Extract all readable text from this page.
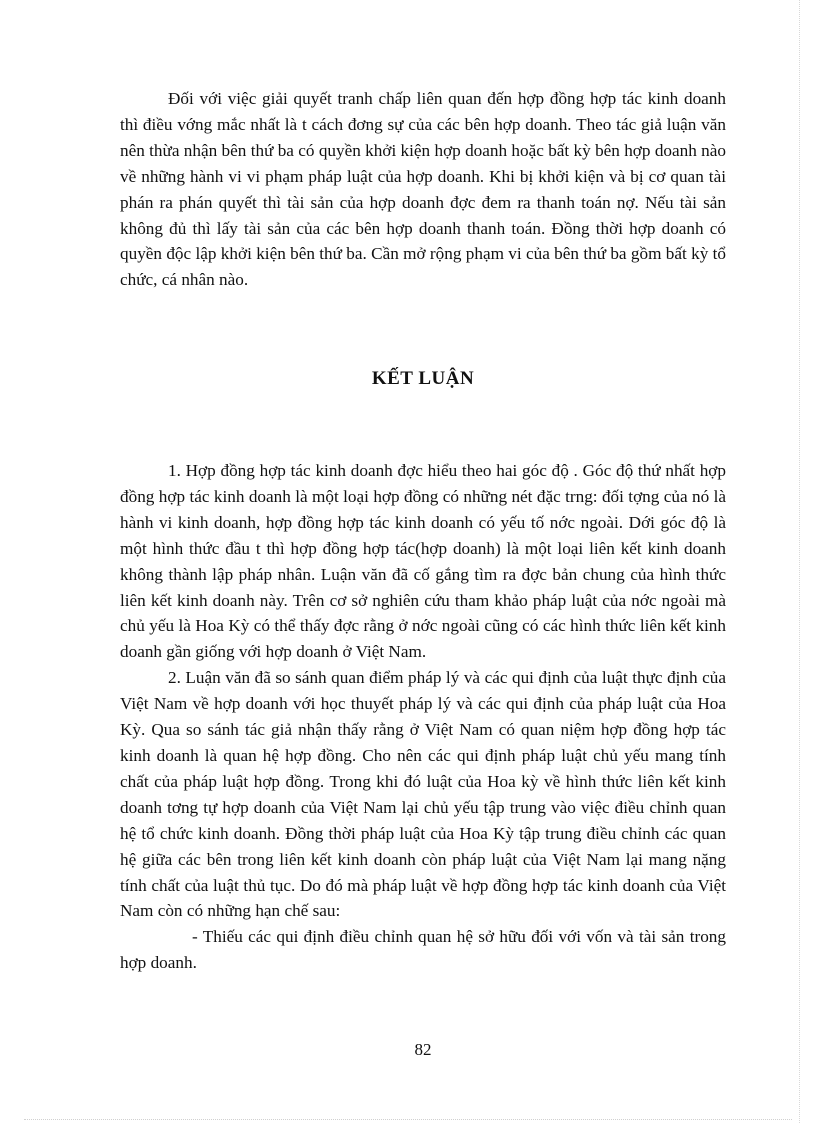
Đối với việc giải quyết tranh chấp liên quan đến hợp đồng hợp tác kinh doanh thì điều vớng mắc nhất là t cách đơng sự của các bên hợp doanh. Theo tác giả luận văn nên thừa nhận bên thứ ba có quyền khởi kiện hợp doanh hoặc bất kỳ bên hợp doanh nào về những hành vi vi phạm pháp luật của hợp doanh. Khi bị khởi kiện và bị cơ quan tài phán ra phán quyết thì tài sản của hợp doanh đợc đem ra thanh toán nợ. Nếu tài sản không đủ thì lấy tài sản của các bên hợp doanh thanh toán. Đồng thời hợp doanh có quyền độc lập khởi kiện bên thứ ba. Cần mở rộng phạm vi của bên thứ ba gồm bất kỳ tổ chức, cá nhân nào.

KẾT LUẬN

1. Hợp đồng hợp tác kinh doanh đợc hiểu theo hai góc độ . Góc độ thứ nhất hợp đồng hợp tác kinh doanh là một loại hợp đồng có những nét đặc trng: đối tợng của nó là hành vi kinh doanh, hợp đồng hợp tác kinh doanh có yếu tố nớc ngoài. Dới góc độ là một hình thức đầu t thì hợp đồng hợp tác(hợp doanh) là một loại liên kết kinh doanh không thành lập pháp nhân. Luận văn đã cố gắng tìm ra đợc bản chung của hình thức liên kết kinh doanh này. Trên cơ sở nghiên cứu tham khảo pháp luật của nớc ngoài mà chủ yếu là Hoa Kỳ có thể thấy đợc rằng ở nớc ngoài cũng có các hình thức liên kết kinh doanh gần giống với hợp doanh ở Việt Nam.

2. Luận văn đã so sánh quan điểm pháp lý và các qui định của luật thực định của Việt Nam về hợp doanh với học thuyết pháp lý và các qui định của pháp luật của Hoa Kỳ. Qua so sánh tác giả nhận thấy rằng ở Việt Nam có quan niệm hợp đồng hợp tác kinh doanh là quan hệ hợp đồng. Cho nên các qui định pháp luật chủ yếu mang tính chất của pháp luật hợp đồng. Trong khi đó luật của Hoa kỳ về hình thức liên kết kinh doanh tơng tự hợp doanh của Việt Nam lại chủ yếu tập trung vào việc điều chỉnh quan hệ tổ chức kinh doanh. Đồng thời pháp luật của Hoa Kỳ tập trung điều chỉnh các quan hệ giữa các bên trong liên kết kinh doanh còn pháp luật của Việt Nam lại mang nặng tính chất của luật thủ tục. Do đó mà pháp luật về hợp đồng hợp tác kinh doanh của Việt Nam còn có những hạn chế sau:

- Thiếu các qui định điều chỉnh quan hệ sở hữu đối với vốn và tài sản trong hợp doanh.

82
